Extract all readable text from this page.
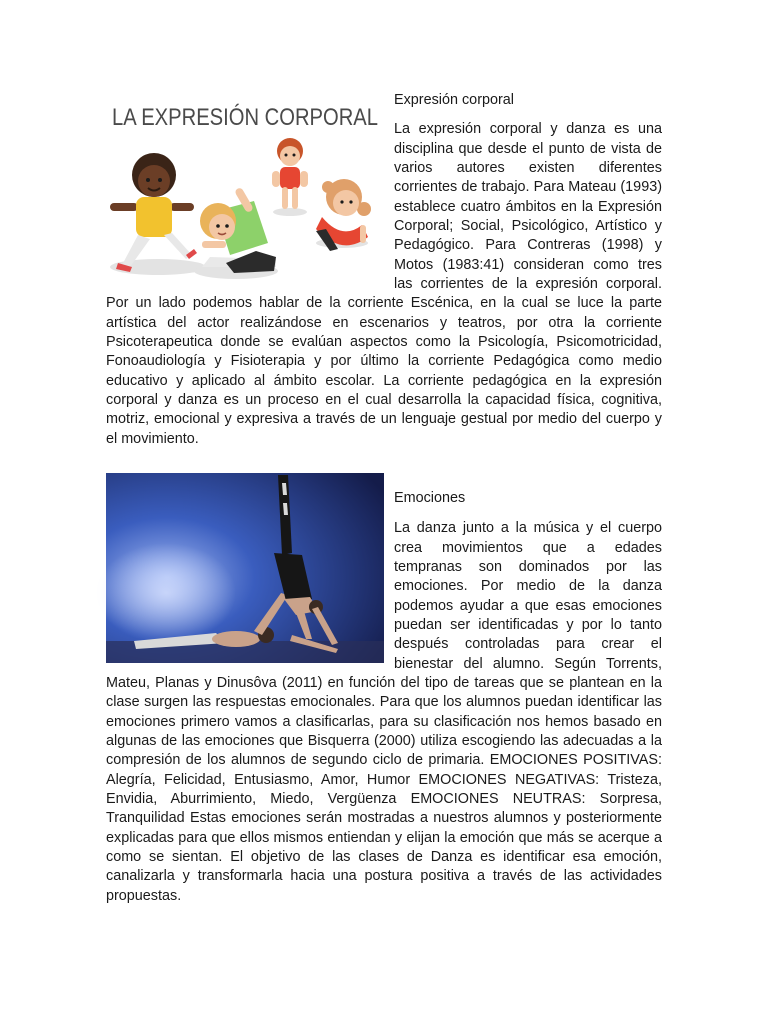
LA EXPRESIÓN CORPORAL

Expresión corporal

La expresión corporal y danza es una disciplina que desde el punto de vista de varios autores existen diferentes corrientes de trabajo. Para Mateau (1993) establece cuatro ámbitos en la Expresión Corporal; Social, Psicológico, Artístico y Pedagógico. Para Contreras (1998) y Motos (1983:41) consideran como tres las corrientes de la expresión corporal. Por un lado podemos hablar de la corriente Escénica, en la cual se luce la parte artística del actor realizándose en escenarios y teatros, por otra la corriente Psicoterapeutica donde se evalúan aspectos como la Psicología, Psicomotricidad, Fonoaudiología y Fisioterapia y por último la corriente Pedagógica como medio educativo y aplicado al ámbito escolar. La corriente pedagógica en la expresión corporal y danza es un proceso en el cual desarrolla la capacidad física, cognitiva, motriz, emocional y expresiva a través de un lenguaje gestual por medio del cuerpo y el movimiento.

Emociones

La danza junto a la música y el cuerpo crea movimientos que a edades tempranas son dominados por las emociones. Por medio de la danza podemos ayudar a que esas emociones puedan ser identificadas y por lo tanto después controladas para crear el bienestar del alumno. Según Torrents, Mateu, Planas y Dinusôva (2011) en función del tipo de tareas que se plantean en la clase surgen las respuestas emocionales. Para que los alumnos puedan identificar las emociones primero vamos a clasificarlas, para su clasificación nos hemos basado en algunas de las emociones que Bisquerra (2000) utiliza escogiendo las adecuadas a la compresión de los alumnos de segundo ciclo de primaria. EMOCIONES POSITIVAS: Alegría, Felicidad, Entusiasmo, Amor, Humor EMOCIONES NEGATIVAS: Tristeza, Envidia, Aburrimiento, Miedo, Vergüenza EMOCIONES NEUTRAS: Sorpresa, Tranquilidad Estas emociones serán mostradas a nuestros alumnos y posteriormente explicadas para que ellos mismos entiendan y elijan la emoción que más se acerque a como se sientan. El objetivo de las clases de Danza es identificar esa emoción, canalizarla y transformarla hacia una postura positiva a través de las actividades propuestas.
